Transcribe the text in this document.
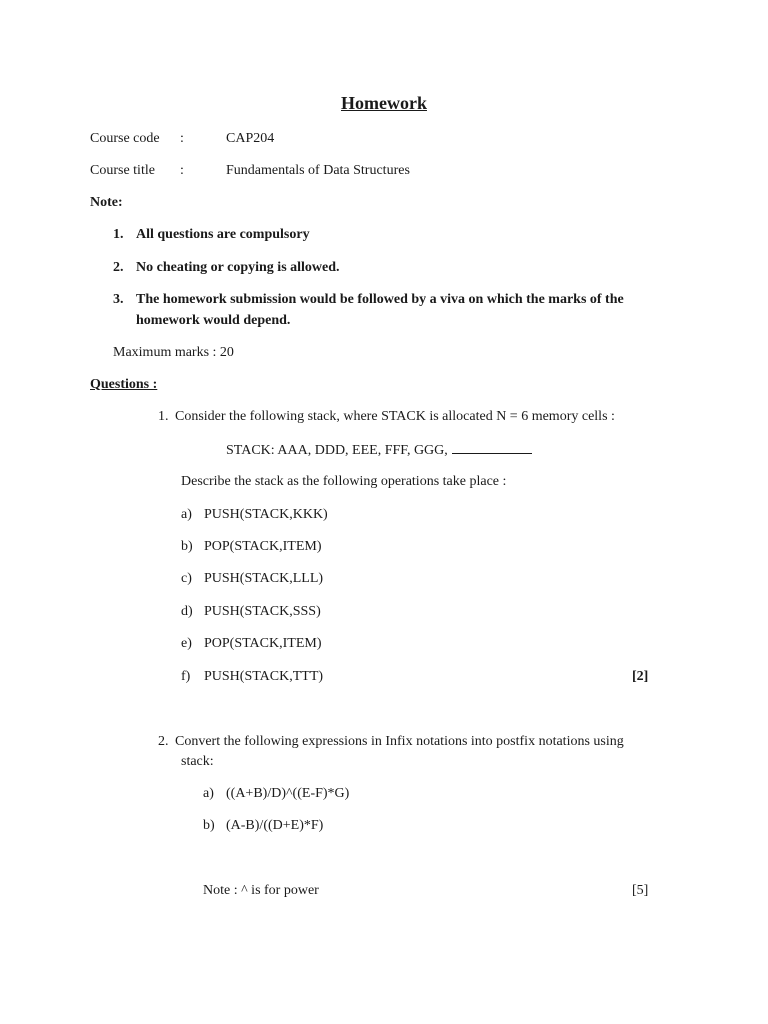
Homework
Course code :	CAP204
Course title :	Fundamentals of Data Structures
Note:
1. All questions are compulsory
2. No cheating or copying is allowed.
3. The homework submission would be followed by a viva on which the marks of the
homework would depend.
Maximum marks : 20
Questions :
1. Consider the following stack, where STACK is allocated N = 6 memory cells :
STACK: AAA, DDD, EEE, FFF, GGG,
Describe the stack as the following operations take place :
a) PUSH(STACK,KKK)
b) POP(STACK,ITEM)
c) PUSH(STACK,LLL)
d) PUSH(STACK,SSS)
e) POP(STACK,ITEM)
f) PUSH(STACK,TTT)	[2]
2. Convert the following expressions in Infix notations into postfix notations using
stack:
a) ((A+B)/D)^((E-F)*G)
b) (A-B)/((D+E)*F)
Note : ^ is for power	[5]
